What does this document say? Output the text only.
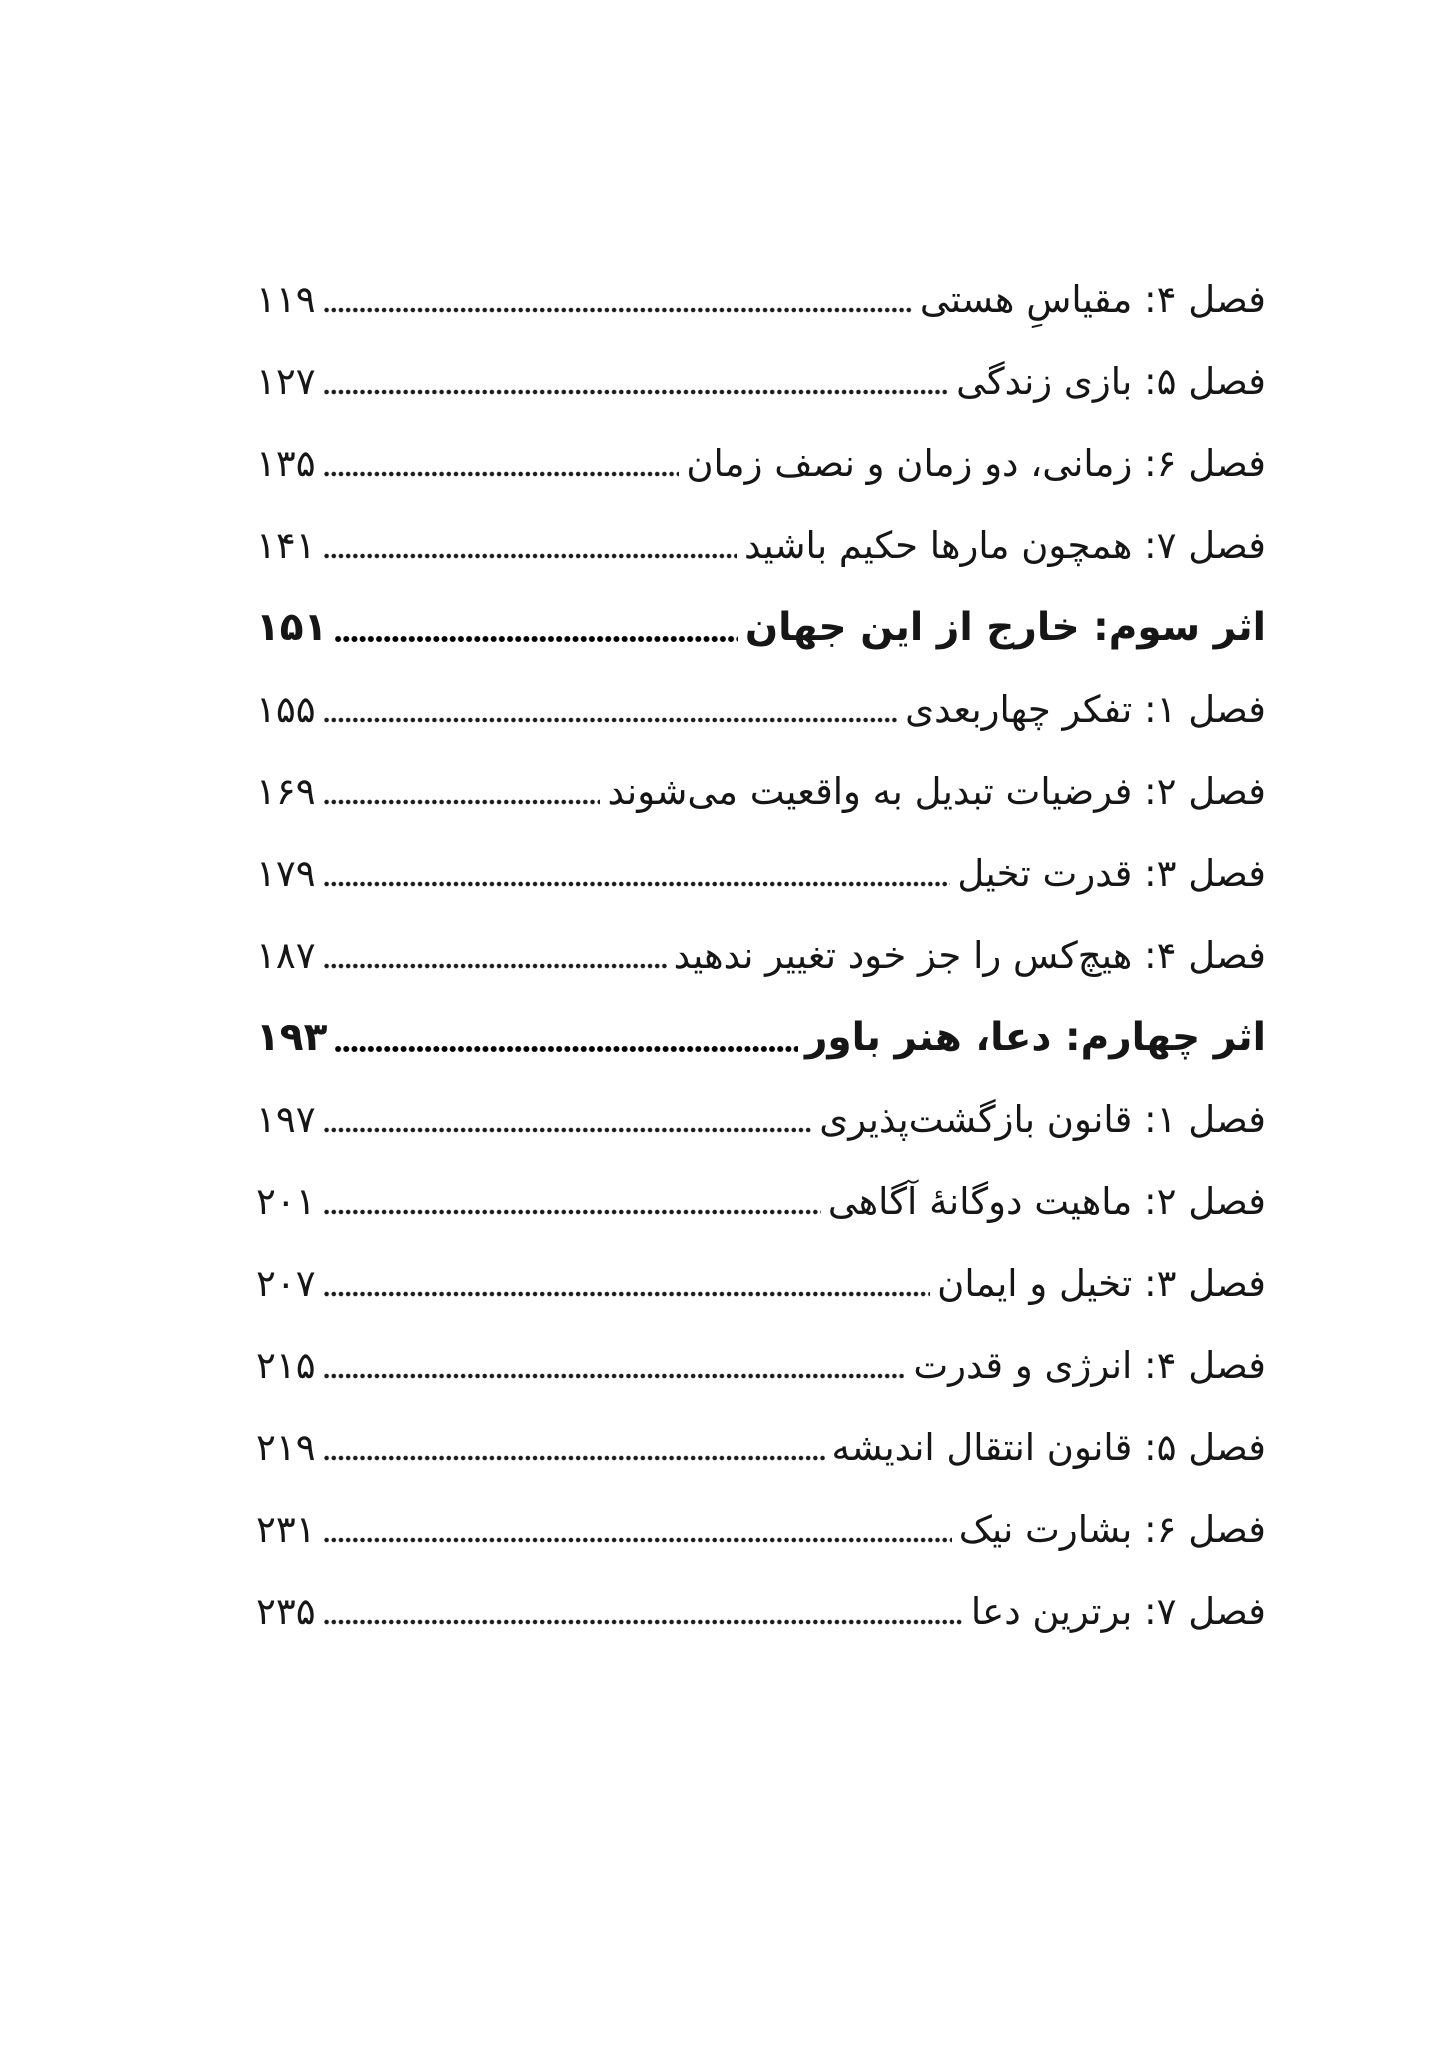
فصل ۴: مقیاسِ هستی
۱۱۹
فصل ۵: بازی زندگی
۱۲۷
فصل ۶: زمانی، دو زمان و نصف زمان
۱۳۵
فصل ۷: همچون مارها حکیم باشید
۱۴۱
اثر سوم: خارج از این جهان
۱۵۱
فصل ۱: تفکر چهاربعدی
۱۵۵
فصل ۲: فرضیات تبدیل به واقعیت می‌شوند
۱۶۹
فصل ۳: قدرت تخیل
۱۷۹
فصل ۴: هیچ‌کس را جز خود تغییر ندهید
۱۸۷
اثر چهارم: دعا، هنر باور
۱۹۳
فصل ۱: قانون بازگشت‌پذیری
۱۹۷
فصل ۲: ماهیت دوگانهٔ آگاهی
۲۰۱
فصل ۳: تخیل و ایمان
۲۰۷
فصل ۴: انرژی و قدرت
۲۱۵
فصل ۵: قانون انتقال اندیشه
۲۱۹
فصل ۶: بشارت نیک
۲۳۱
فصل ۷: برترین دعا
۲۳۵
